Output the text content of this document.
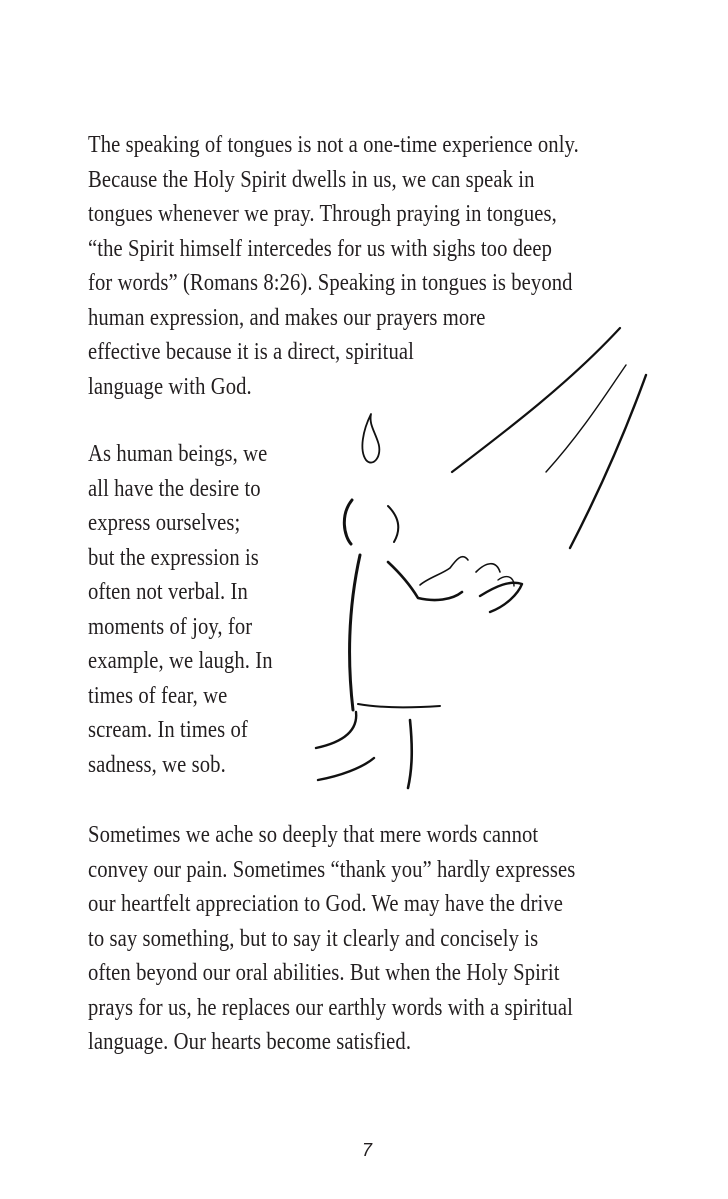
The speaking of tongues is not a one-time experience only.
Because the Holy Spirit dwells in us, we can speak in
tongues whenever we pray. Through praying in tongues,
“the Spirit himself intercedes for us with sighs too deep
for words” (Romans 8:26). Speaking in tongues is beyond
human expression, and makes our prayers more
effective because it is a direct, spiritual
language with God.
As human beings, we
all have the desire to
express ourselves;
but the expression is
often not verbal. In
moments of joy, for
example, we laugh. In
times of fear, we
scream. In times of
sadness, we sob.
Sometimes we ache so deeply that mere words cannot
convey our pain. Sometimes “thank you” hardly expresses
our heartfelt appreciation to God. We may have the drive
to say something, but to say it clearly and concisely is
often beyond our oral abilities. But when the Holy Spirit
prays for us, he replaces our earthly words with a spiritual
language. Our hearts become satisfied.
7
